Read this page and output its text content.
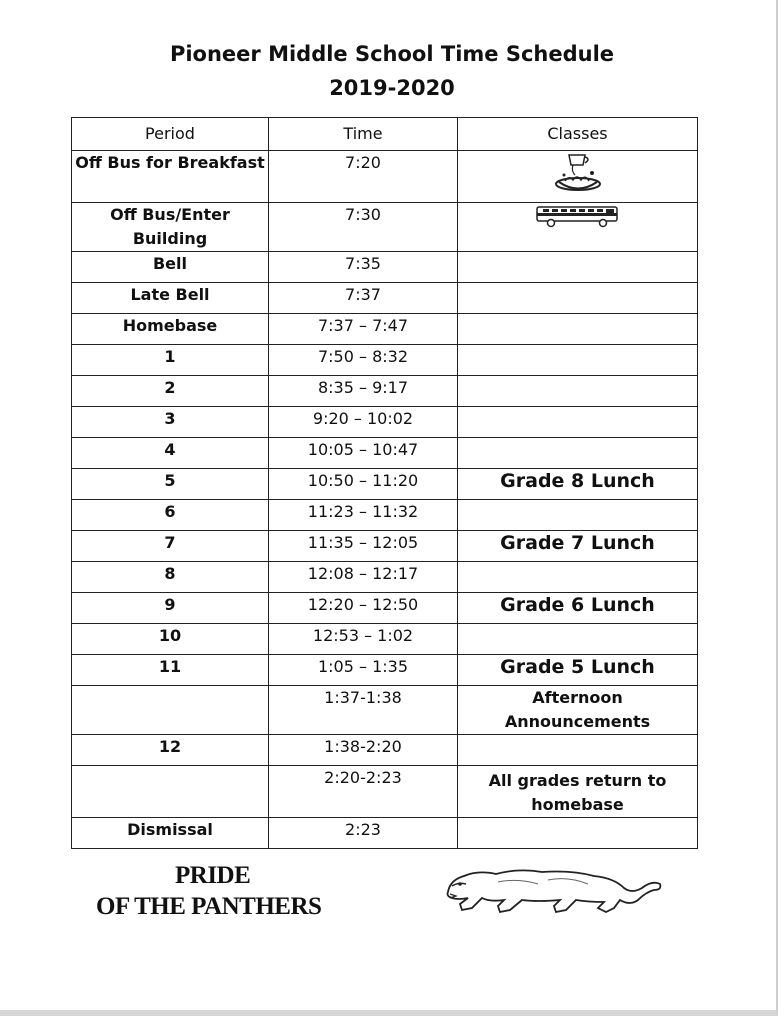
Pioneer Middle School Time Schedule
2019-2020
Period	Time	Classes
Off Bus for Breakfast	7:20	
Off Bus/Enter Building	7:30	
Bell	7:35	
Late Bell	7:37	
Homebase	7:37 – 7:47	
1	7:50 – 8:32	
2	8:35 – 9:17	
3	9:20 – 10:02	
4	10:05 – 10:47	
5	10:50 – 11:20	Grade 8 Lunch
6	11:23 – 11:32	
7	11:35 – 12:05	Grade 7 Lunch
8	12:08 – 12:17	
9	12:20 – 12:50	Grade 6 Lunch
10	12:53 – 1:02	
11	1:05 – 1:35	Grade 5 Lunch
	1:37-1:38	Afternoon Announcements
12	1:38-2:20	
	2:20-2:23	All grades return to homebase
Dismissal	2:23	
PRIDE
OF THE PANTHERS
